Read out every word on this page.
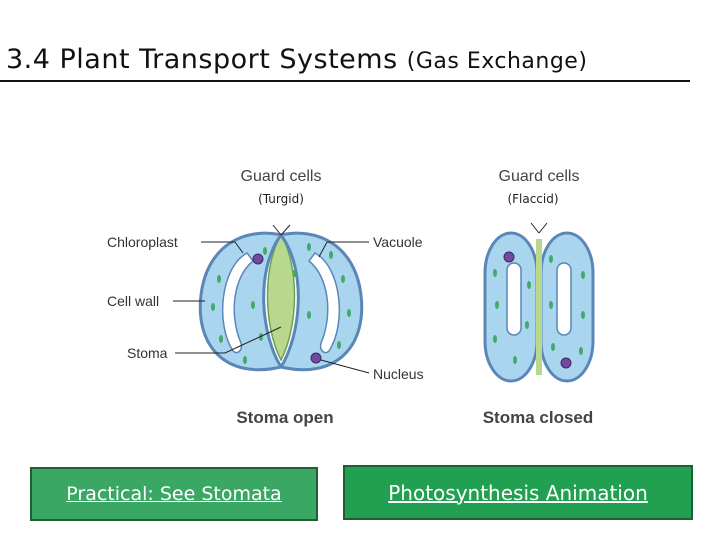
3.4 Plant Transport Systems (Gas Exchange)
Guard cells
(Turgid)
Guard cells
(Flaccid)
Chloroplast
Cell wall
Stoma
Vacuole
Nucleus
Stoma open	Stoma closed
Practical: See Stomata	Photosynthesis Animation
